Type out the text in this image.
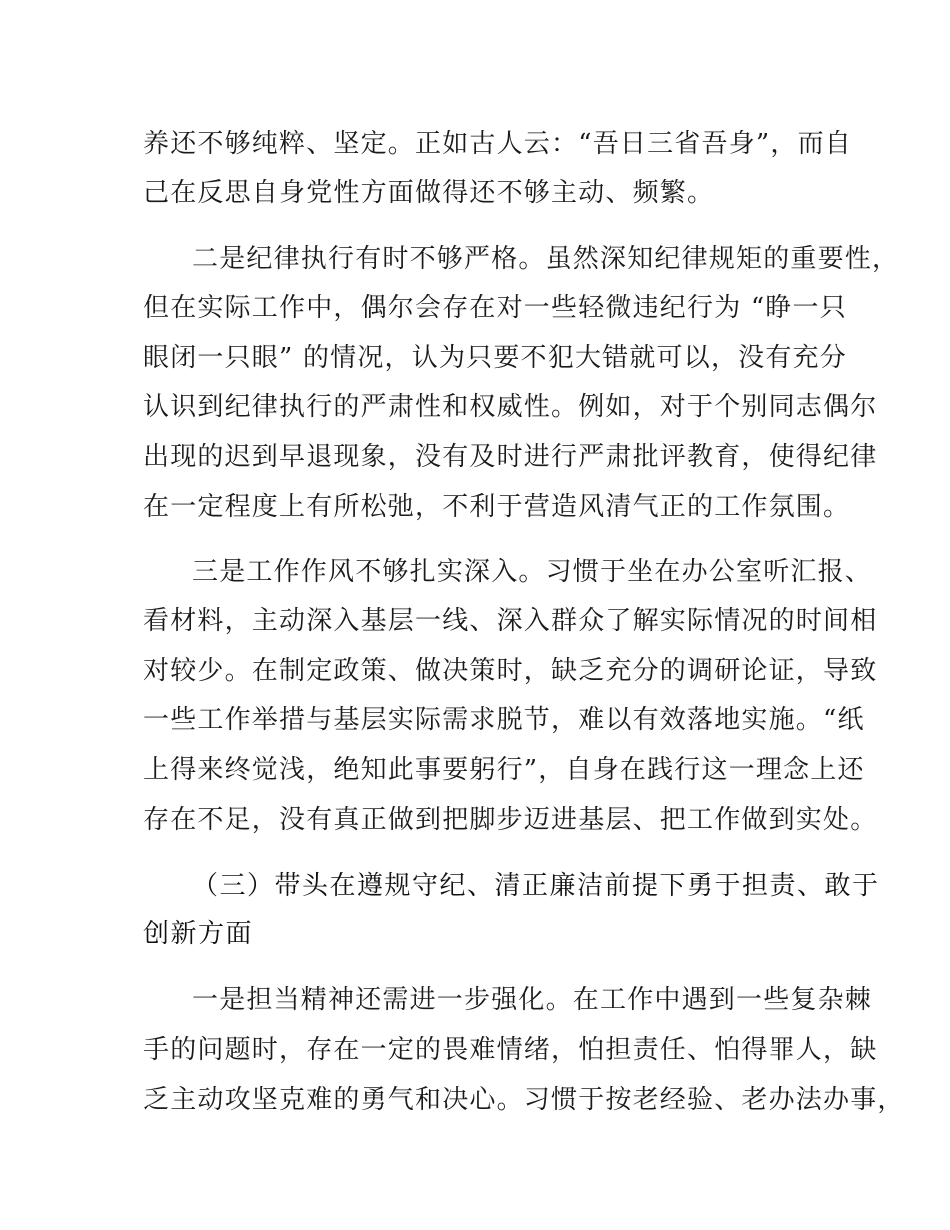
养还不够纯粹、坚定。正如古人云：“吾日三省吾身”，而自
己在反思自身党性方面做得还不够主动、频繁。
二是纪律执行有时不够严格。虽然深知纪律规矩的重要性，
但在实际工作中，偶尔会存在对一些轻微违纪行为 “睁一只
眼闭一只眼” 的情况，认为只要不犯大错就可以，没有充分
认识到纪律执行的严肃性和权威性。例如，对于个别同志偶尔
出现的迟到早退现象，没有及时进行严肃批评教育，使得纪律
在一定程度上有所松弛，不利于营造风清气正的工作氛围。
三是工作作风不够扎实深入。习惯于坐在办公室听汇报、
看材料，主动深入基层一线、深入群众了解实际情况的时间相
对较少。在制定政策、做决策时，缺乏充分的调研论证，导致
一些工作举措与基层实际需求脱节，难以有效落地实施。“纸
上得来终觉浅，绝知此事要躬行”，自身在践行这一理念上还
存在不足，没有真正做到把脚步迈进基层、把工作做到实处。
（三）带头在遵规守纪、清正廉洁前提下勇于担责、敢于
创新方面
一是担当精神还需进一步强化。在工作中遇到一些复杂棘
手的问题时，存在一定的畏难情绪，怕担责任、怕得罪人，缺
乏主动攻坚克难的勇气和决心。习惯于按老经验、老办法办事，
